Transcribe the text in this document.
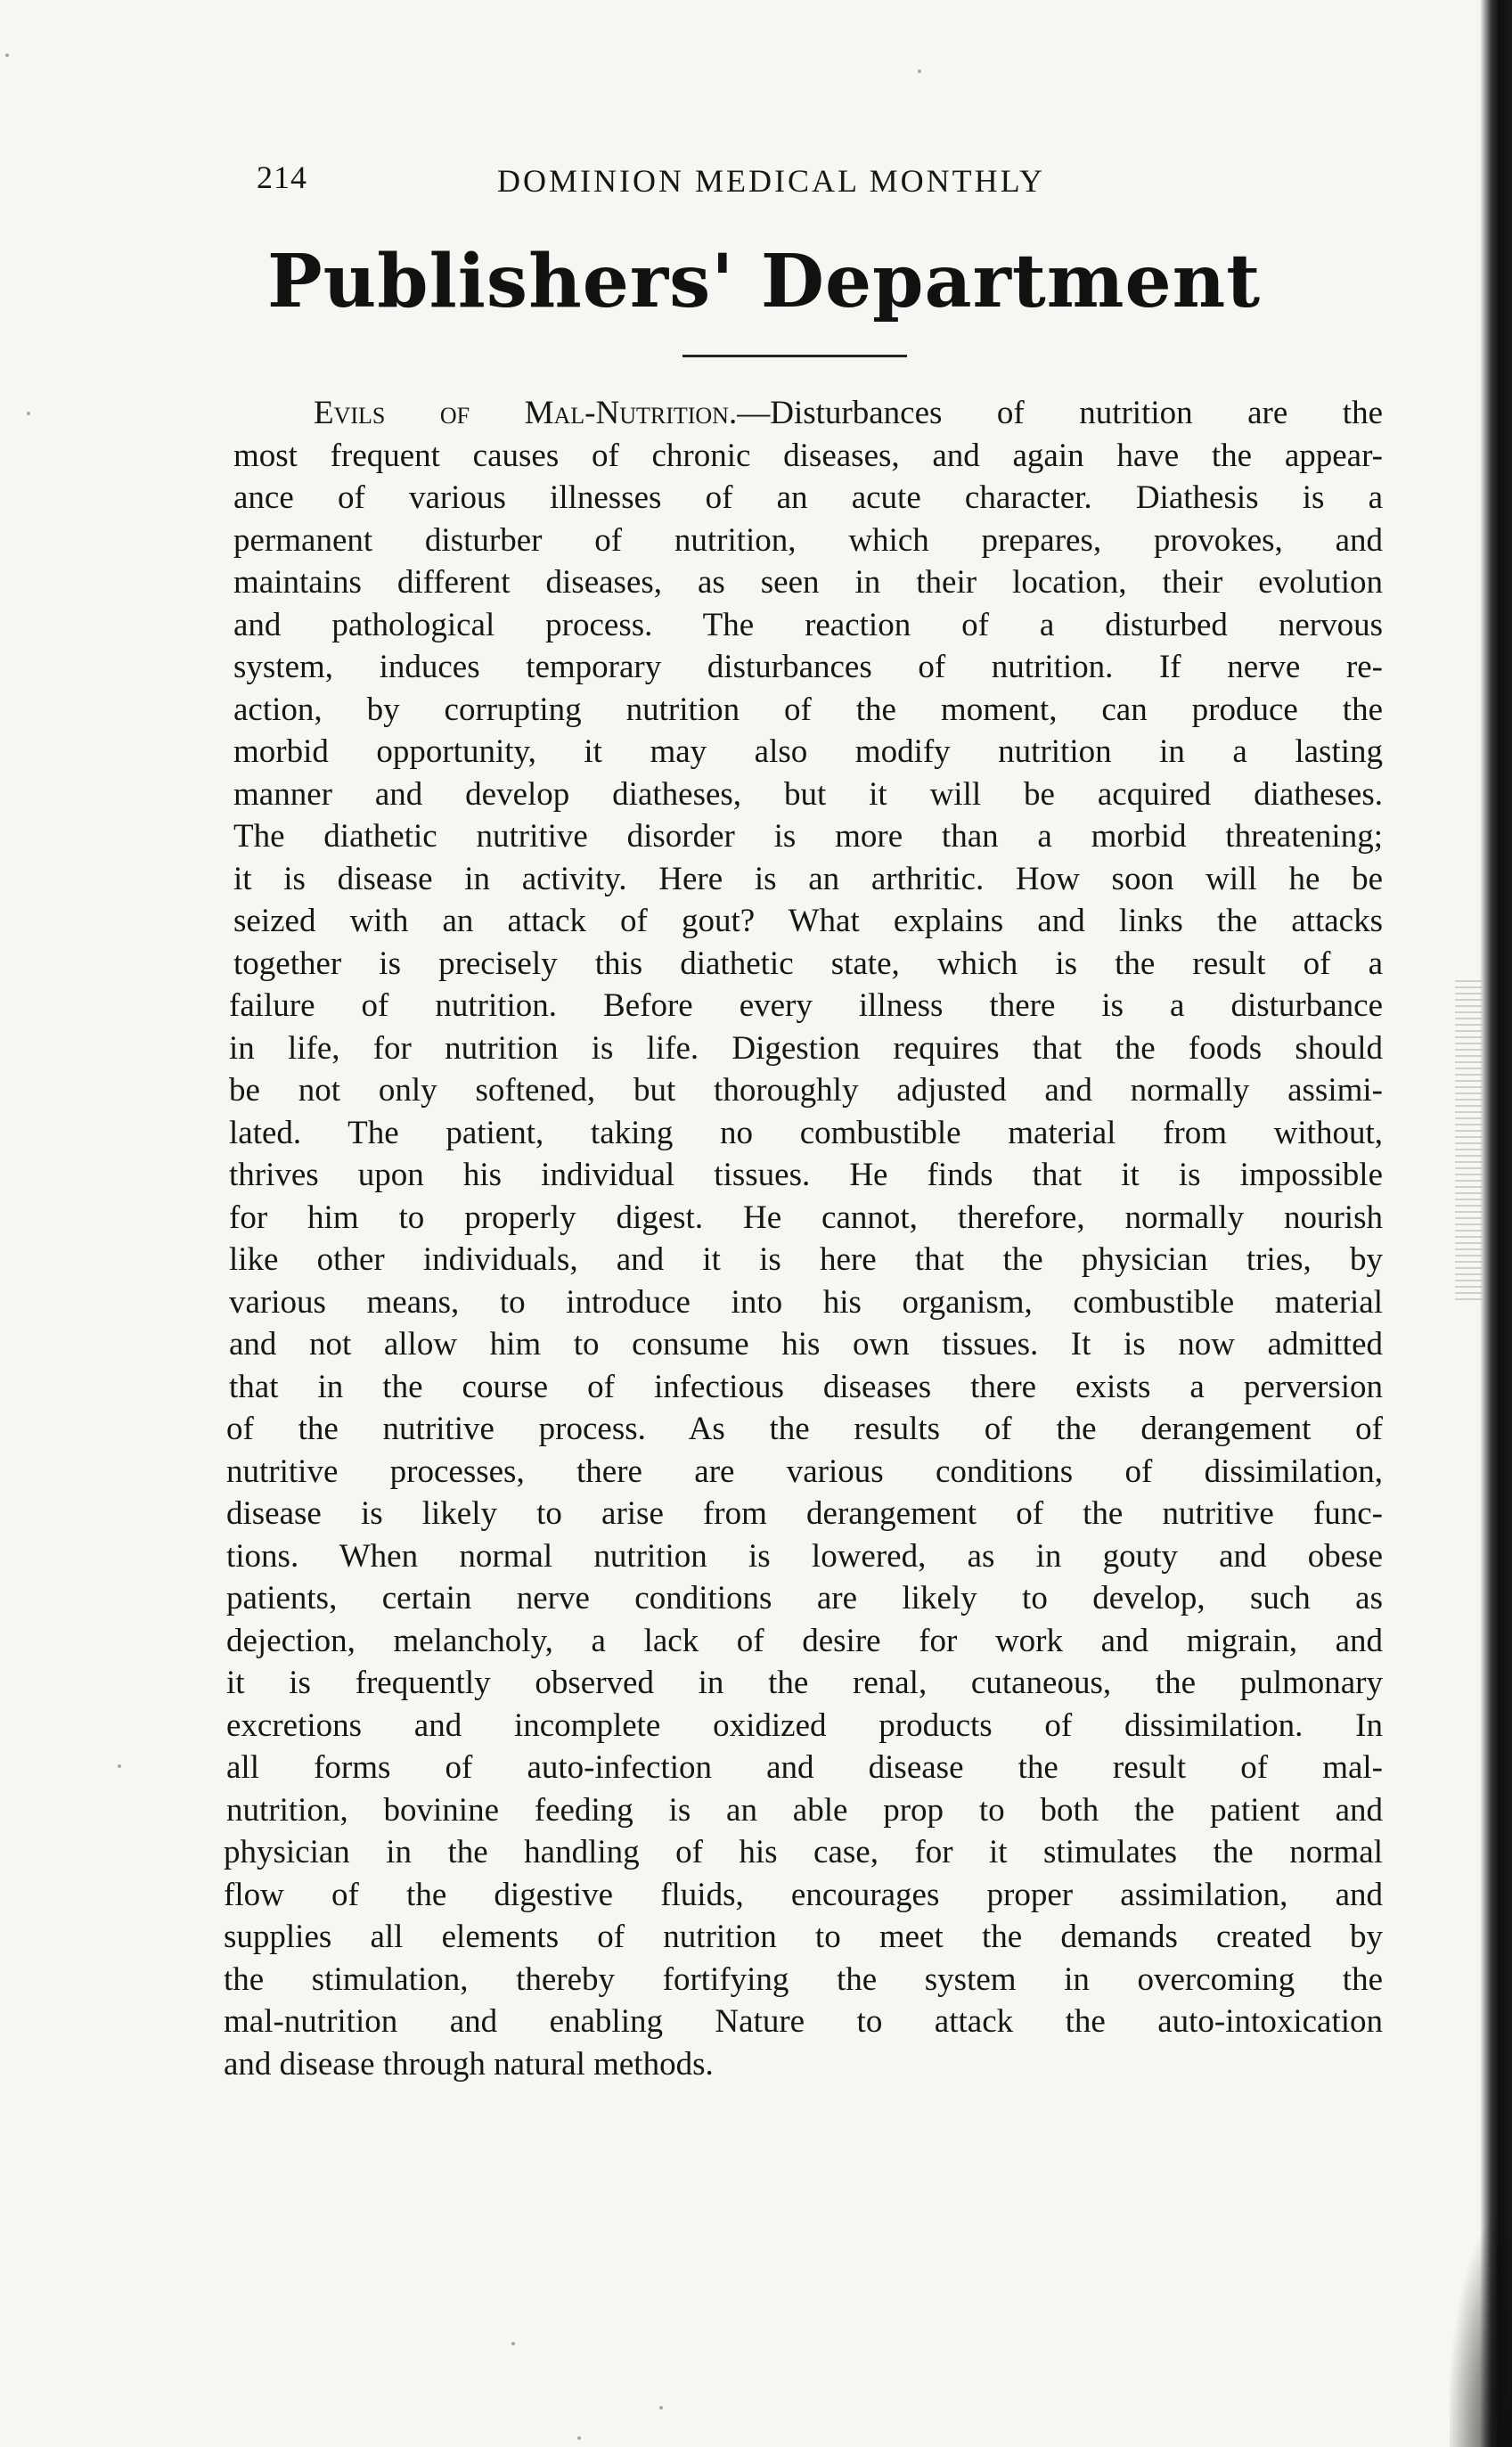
214	DOMINION MEDICAL MONTHLY
Publishers' Department
Evils of Mal-Nutrition.—Disturbances of nutrition are the
most frequent causes of chronic diseases, and again have the appear-
ance of various illnesses of an acute character. Diathesis is a
permanent disturber of nutrition, which prepares, provokes, and
maintains different diseases, as seen in their location, their evolution
and pathological process. The reaction of a disturbed nervous
system, induces temporary disturbances of nutrition. If nerve re-
action, by corrupting nutrition of the moment, can produce the
morbid opportunity, it may also modify nutrition in a lasting
manner and develop diatheses, but it will be acquired diatheses.
The diathetic nutritive disorder is more than a morbid threatening;
it is disease in activity. Here is an arthritic. How soon will he be
seized with an attack of gout? What explains and links the attacks
together is precisely this diathetic state, which is the result of a
failure of nutrition. Before every illness there is a disturbance
in life, for nutrition is life. Digestion requires that the foods should
be not only softened, but thoroughly adjusted and normally assimi-
lated. The patient, taking no combustible material from without,
thrives upon his individual tissues. He finds that it is impossible
for him to properly digest. He cannot, therefore, normally nourish
like other individuals, and it is here that the physician tries, by
various means, to introduce into his organism, combustible material
and not allow him to consume his own tissues. It is now admitted
that in the course of infectious diseases there exists a perversion
of the nutritive process. As the results of the derangement of
nutritive processes, there are various conditions of dissimilation,
disease is likely to arise from derangement of the nutritive func-
tions. When normal nutrition is lowered, as in gouty and obese
patients, certain nerve conditions are likely to develop, such as
dejection, melancholy, a lack of desire for work and migrain, and
it is frequently observed in the renal, cutaneous, the pulmonary
excretions and incomplete oxidized products of dissimilation. In
all forms of auto-infection and disease the result of mal-
nutrition, bovinine feeding is an able prop to both the patient and
physician in the handling of his case, for it stimulates the normal
flow of the digestive fluids, encourages proper assimilation, and
supplies all elements of nutrition to meet the demands created by
the stimulation, thereby fortifying the system in overcoming the
mal-nutrition and enabling Nature to attack the auto-intoxication
and disease through natural methods.
